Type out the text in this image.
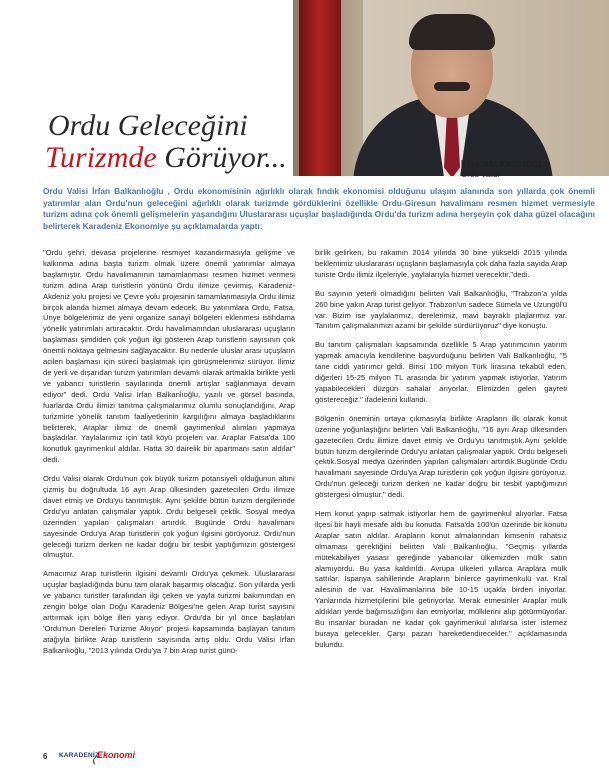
İrfan BALKANLIOĞLU
Ordu Valisi
Ordu Geleceğini
Turizmde Görüyor...

Ordu Valisi İrfan Balkanlıoğlu , Ordu ekonomisinin ağırlıklı olarak fındık ekonomisi olduğunu ulaşım alanında son yıllarda çok önemli yatırımlar alan Ordu'nun geleceğini ağırlıklı olarak turizmde gördüklerini özellikle Ordu-Giresun havalimanı resmen hizmet vermesiyle turizm adına çok önemli gelişmelerin yaşandığını Uluslararası uçuşlar başladığında Ordu'da turizm adına herşeyin çok daha güzel olacağını belirterek Karadeniz Ekonomiye şu açıklamalarda yaptı:

"Ordu şehri, devasa projelerine resmiyet kazandırmasıyla gelişme ve kalkınma adına başta turizm olmak üzere önemli yatırımlar almaya başlamıştır. Ordu havalimanının tamamlanması resmen hizmet vermesi turizm adına Arap turistlerin yönünü Ordu ilimize çevirmiş, Karadeniz-Akdeniz yolu projesi ve Çevre yolu projesinin tamamlanmasıyla Ordu ilimiz birçok alanda hizmet almaya devam edecek. Bu yatırımlara Ordu, Fatsa, Ünye bölgelerimiz de yeni organize sanayi bölgeleri eklenmesi istihdama yönelik yatırımları artıracaktır. Ordu havalimanından uluslararası uçuşların başlaması şimdiden çok yoğun ilgi gösteren Arap turistlerin sayısının çok önemli noktaya gelmesini sağlayacaktır. Bu nedenle uluslar arası uçuşların acilen başlaması için süreci başlatmak için görüşmelerimiz sürüyor. İlimiz de yerli ve dışarıdan turizm yatırımları devamlı olarak artmakla birlikte yerli ve yabancı turistlerin sayılarında önemli artışlar sağlanmaya devam ediyor" dedi. Ordu Valisi İrfan Balkanlıoğlu, yazılı ve görsel basında, fuarlarda Ordu ilimizi tanıtma çalışmalarımız olumlu sonuçlandığını, Arap turizmine yönelik tanıtım faaliyetlerinin kargılığını almaya başladıklarını belirterek, Araplar ilimiz de önemli gayrimenkul alımları yapmaya başladılar. Yaylalarımız için tatil köyü projeleri var. Araplar Fatsa'da 100 konutluk gayrimenkul aldılar. Hatta 30 dairelik bir apartmanı satın aldılar" dedi.

Ordu Valisi olarak Ordu'nun çok büyük turizm potansiyeli olduğunun altını çizmiş bu doğrultuda 16 ayrı Arap ülkesinden gazetecileri Ordu ilimize davet etmiş ve Ordu'yu tanıtmıştık. Aynı şekilde bütün turizm dergilerinde Ordu'yu anlatan çalışmalar yaptık. Ordu belgeseli çektik. Sosyal medya üzerinden yapılan çalışmaları artırdık. Bugünde Ordu havalimanı sayesinde Ordu'ya Arap turistlerin çok yoğun ilgisini görüyoruz. Ordu'nun geleceği turizm derken ne kadar doğru bir tesbit yaptığımızın göstergesi olmuştur.

Amacımız Arap turistlerin ilgisini devamlı Ordu'ya çekmek. Uluslararası uçuşlar başladığında bunu tam olarak başarmış olacağız. Son yıllarda yerli ve yabancı turistler tarafından ilgi çeken ve yayla turizmi bakımından en zengin bölge olan Doğu Karadeniz Bölgesi'ne gelen Arap turist sayısını arttırmak için bölge illeri yarış ediyor. Ordu'da bir yıl önce başlatılan 'Ordu'nun Dereleri Turizme Akıyor' projesi kapsamında başlayan tanıtım atağıyla birlikte Arap turistlerin sayısında artış oldu. Ordu Valisi İrfan Balkanlıoğlu, "2013 yılında Ordu'ya 7 bin Arap turist günü-

birlik gelirken, bu rakamın 2014 yılında 30 bine yükseldi 2015 yılında beklentimiz uluslararası uçuşların başlamasıyla çok daha fazla sayıda Arap turiste Ordu ilimiz ilçeleriyle, yaylalarıyla hizmet verecektir."dedi.

Bu sayının yeterli olmadığını belirten Vali Balkanlıoğlu, "Trabzon'a yılda 260 bine yakın Arap turist geliyor. Trabzon'un sadece Sümela ve Uzungöl'ü var. Bizim ise yaylalarımız, derelerimiz, mavi bayraklı plajlarımız var. Tanıtım çalışmalarımızı azami bir şekilde sürdürüyoruz" diye konuştu.

Bu tanıtım çalışmaları kapsamında özellikle 5 Arap yatırımcının yatırım yapmak amacıyla kendilerine başvurduğunu belirten Vali Balkanlıoğlu, "5 tane ciddi yatırımcı geldi. Birisi 100 milyon Türk lirasına tekabül eden, diğerleri 15-25 milyon TL arasında bir yatırım yapmak istiyorlar. Yatırım yapabilecekleri düzgün sahalar arıyorlar. Elimizden gelen gayreti göstereceğiz." ifadelerini kullandı.

Bölgenin öneminin ortaya çıkmasıyla birlikte Arapların ilk olarak konut üzerine yoğunlaştığını belirten Vali Balkanlıoğlu, "16 ayrı Arap ülkesinden gazetecileri Ordu ilimize davet etmiş ve Ordu'yu tanıtmıştık.Aynı şekilde bütün turizm dergilerinde Ordu'yu anlatan çalışmalar yaptık. Ordu belgeseli çektik.Sosyal medya üzerinden yapılan çalışmaları artırdık.Bugünde Ordu havalimanı sayesinde Ordu'ya Arap turistlerin çok yoğun ilgisini görüyoruz. Ordu'nun geleceği turizm derken ne kadar doğru bir tesbit yaptığımızın göstergesi olmuştur." dedi.

Hem konut yapıp satmak istiyorlar hem de gayrimenkul alıyorlar. Fatsa ilçesi bir hayli mesafe aldı bu konuda. Fatsa'da 100'ün üzerinde bir konutu Araplar satın aldılar. Arapların konut almalarından kimsenin rahatsız olmaması gerektiğini belirten Vali Balkanlıoğlu, "Geçmiş yıllarda mütekabiliyet yasası gereğinde yabancılar ülkemizden mülk satın alamıyordu. Bu yasa kaldırıldı. Avrupa ülkeleri yıllarca Araplara mülk sattılar. İspanya sahillerinde Arapların binlerce gayrimenkulü var. Kral ailesinin de var. Havalimanlarına bile 10-15 uçakla birden iniyorlar. Yanlarında hizmetçilerini bile getiriyorlar. Merak etmesinler Araplar mülk aldıkları yerde bağımsızlığını ilan etmiyorlar, mülklerini alıp götürmüyorlar. Bu insanlar buradan ne kadar çok gayrimenkul alırlarsa ister istemez buraya gelecekler. Çarşı pazarı hareketlendirecekler." açıklamasında bulundu.

6 KARADENİZ
Ekonomi
